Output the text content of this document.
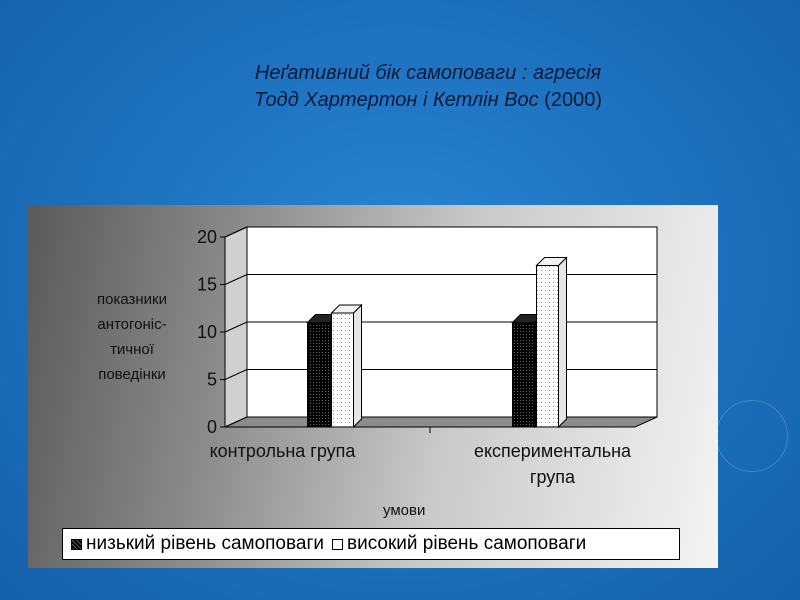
Неґативний бік самоповаги : агресія
Тодд Хартертон і Кетлін Вос (2000)
0
5
10
15
20
контрольна група	експериментальна
група
показники
антогоніс-
тичної
поведінки
умови
низький рівень самоповаги високий рівень самоповаги
